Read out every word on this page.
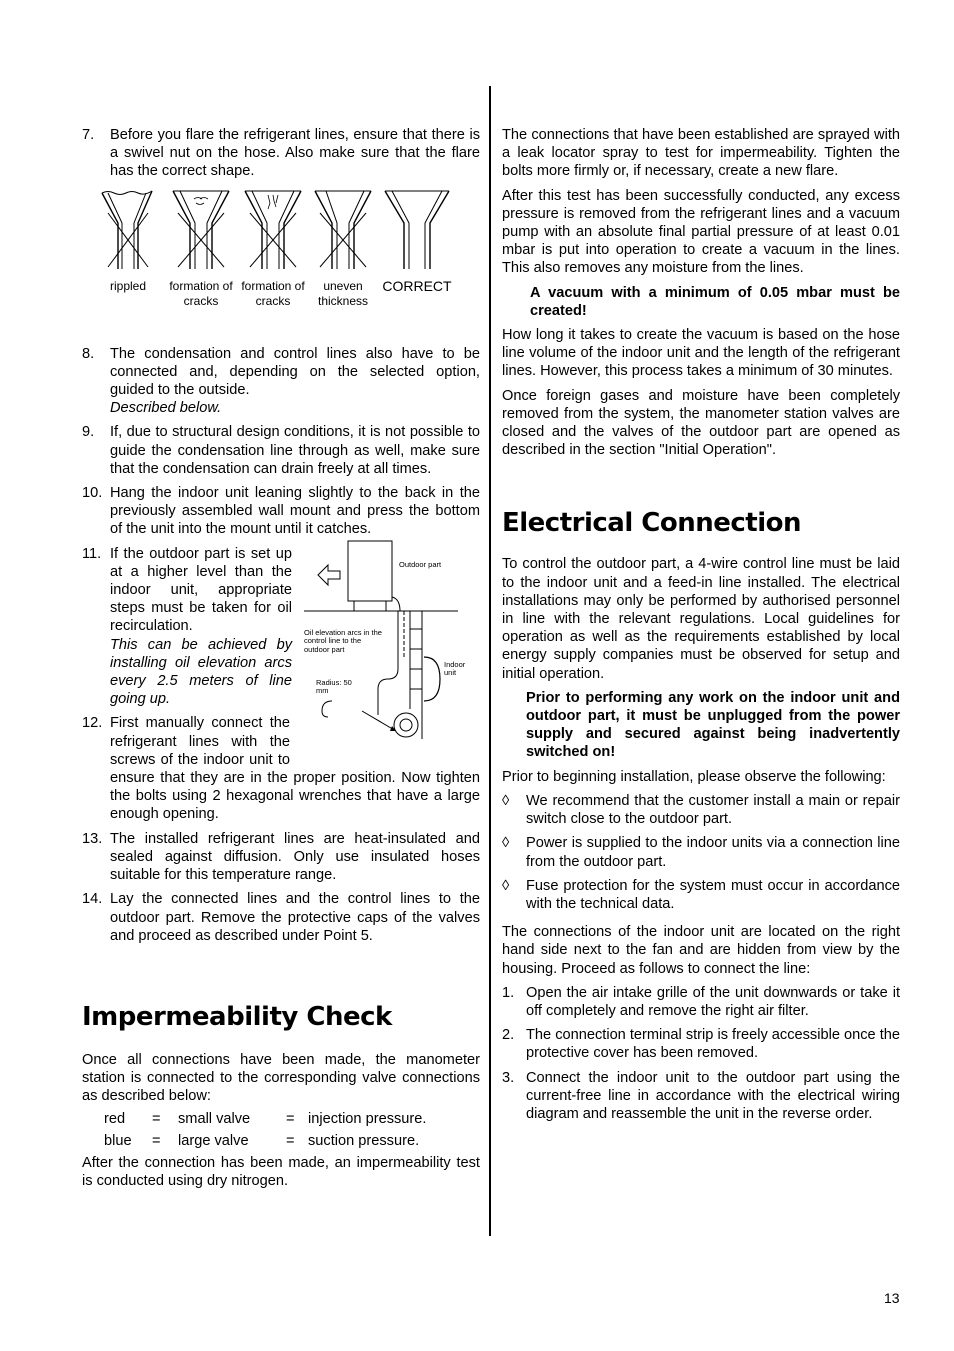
7. Before you flare the refrigerant lines, ensure that there is a swivel nut on the hose. Also make sure that the flare has the correct shape.
rippled	formation of cracks
formation of cracks
uneven thickness
CORRECT
8. The condensation and control lines also have to be connected and, depending on the selected option, guided to the outside.
Described below.
9. If, due to structural design conditions, it is not possible to guide the condensation line through as well, make sure that the condensation can drain freely at all times.
10. Hang the indoor unit leaning slightly to the back in the previously assembled wall mount and press the bottom of the unit into the mount until it catches.
Outdoor part
Oil elevation arcs in the control line to the outdoor part
Indoor unit
Radius: 50 mm
11. If the outdoor part is set up at a higher level than the indoor unit, appropriate steps must be taken for oil recirculation.
This can be achieved by installing oil elevation arcs every 2.5 meters of line going up.
12. First manually connect the refrigerant lines with the screws of the indoor unit to ensure that they are in the proper position. Now tighten the bolts using 2 hexagonal wrenches that have a large enough opening.
13. The installed refrigerant lines are heat-insulated and sealed against diffusion. Only use insulated hoses suitable for this temperature range.
14. Lay the connected lines and the control lines to the outdoor part. Remove the protective caps of the valves and proceed as described under Point 5.
Impermeability Check

Once all connections have been made, the manometer station is connected to the corresponding valve connections as described below:

red	=	small valve	= injection pressure.
blue	=	large valve	= suction pressure.

After the connection has been made, an impermeability test is conducted using dry nitrogen.

The connections that have been established are sprayed with a leak locator spray to test for impermeability. Tighten the bolts more firmly or, if necessary, create a new flare.

After this test has been successfully conducted, any excess pressure is removed from the refrigerant lines and a vacuum pump with an absolute final partial pressure of at least 0.01 mbar is put into operation to create a vacuum in the lines. This also removes any moisture from the lines.

A vacuum with a minimum of 0.05 mbar must be created!

How long it takes to create the vacuum is based on the hose line volume of the indoor unit and the length of the refrigerant lines. However, this process takes a minimum of 30 minutes.

Once foreign gases and moisture have been completely removed from the system, the manometer station valves are closed and the valves of the outdoor part are opened as described in the section "Initial Operation".

Electrical Connection

To control the outdoor part, a 4-wire control line must be laid to the indoor unit and a feed-in line installed. The electrical installations may only be performed by authorised personnel in line with the relevant regulations. Local guidelines for operation as well as the requirements established by local energy supply companies must be observed for setup and initial operation.

Prior to performing any work on the indoor unit and outdoor part, it must be unplugged from the power supply and secured against being inadvertently switched on!

Prior to beginning installation, please observe the following:

◊ We recommend that the customer install a main or repair switch close to the outdoor part.
◊ Power is supplied to the indoor units via a connection line from the outdoor part.
◊ Fuse protection for the system must occur in accordance with the technical data.

The connections of the indoor unit are located on the right hand side next to the fan and are hidden from view by the housing. Proceed as follows to connect the line:

1. Open the air intake grille of the unit downwards or take it off completely and remove the right air filter.
2. The connection terminal strip is freely accessible once the protective cover has been removed.
3. Connect the indoor unit to the outdoor part using the current-free line in accordance with the electrical wiring diagram and reassemble the unit in the reverse order.
13
